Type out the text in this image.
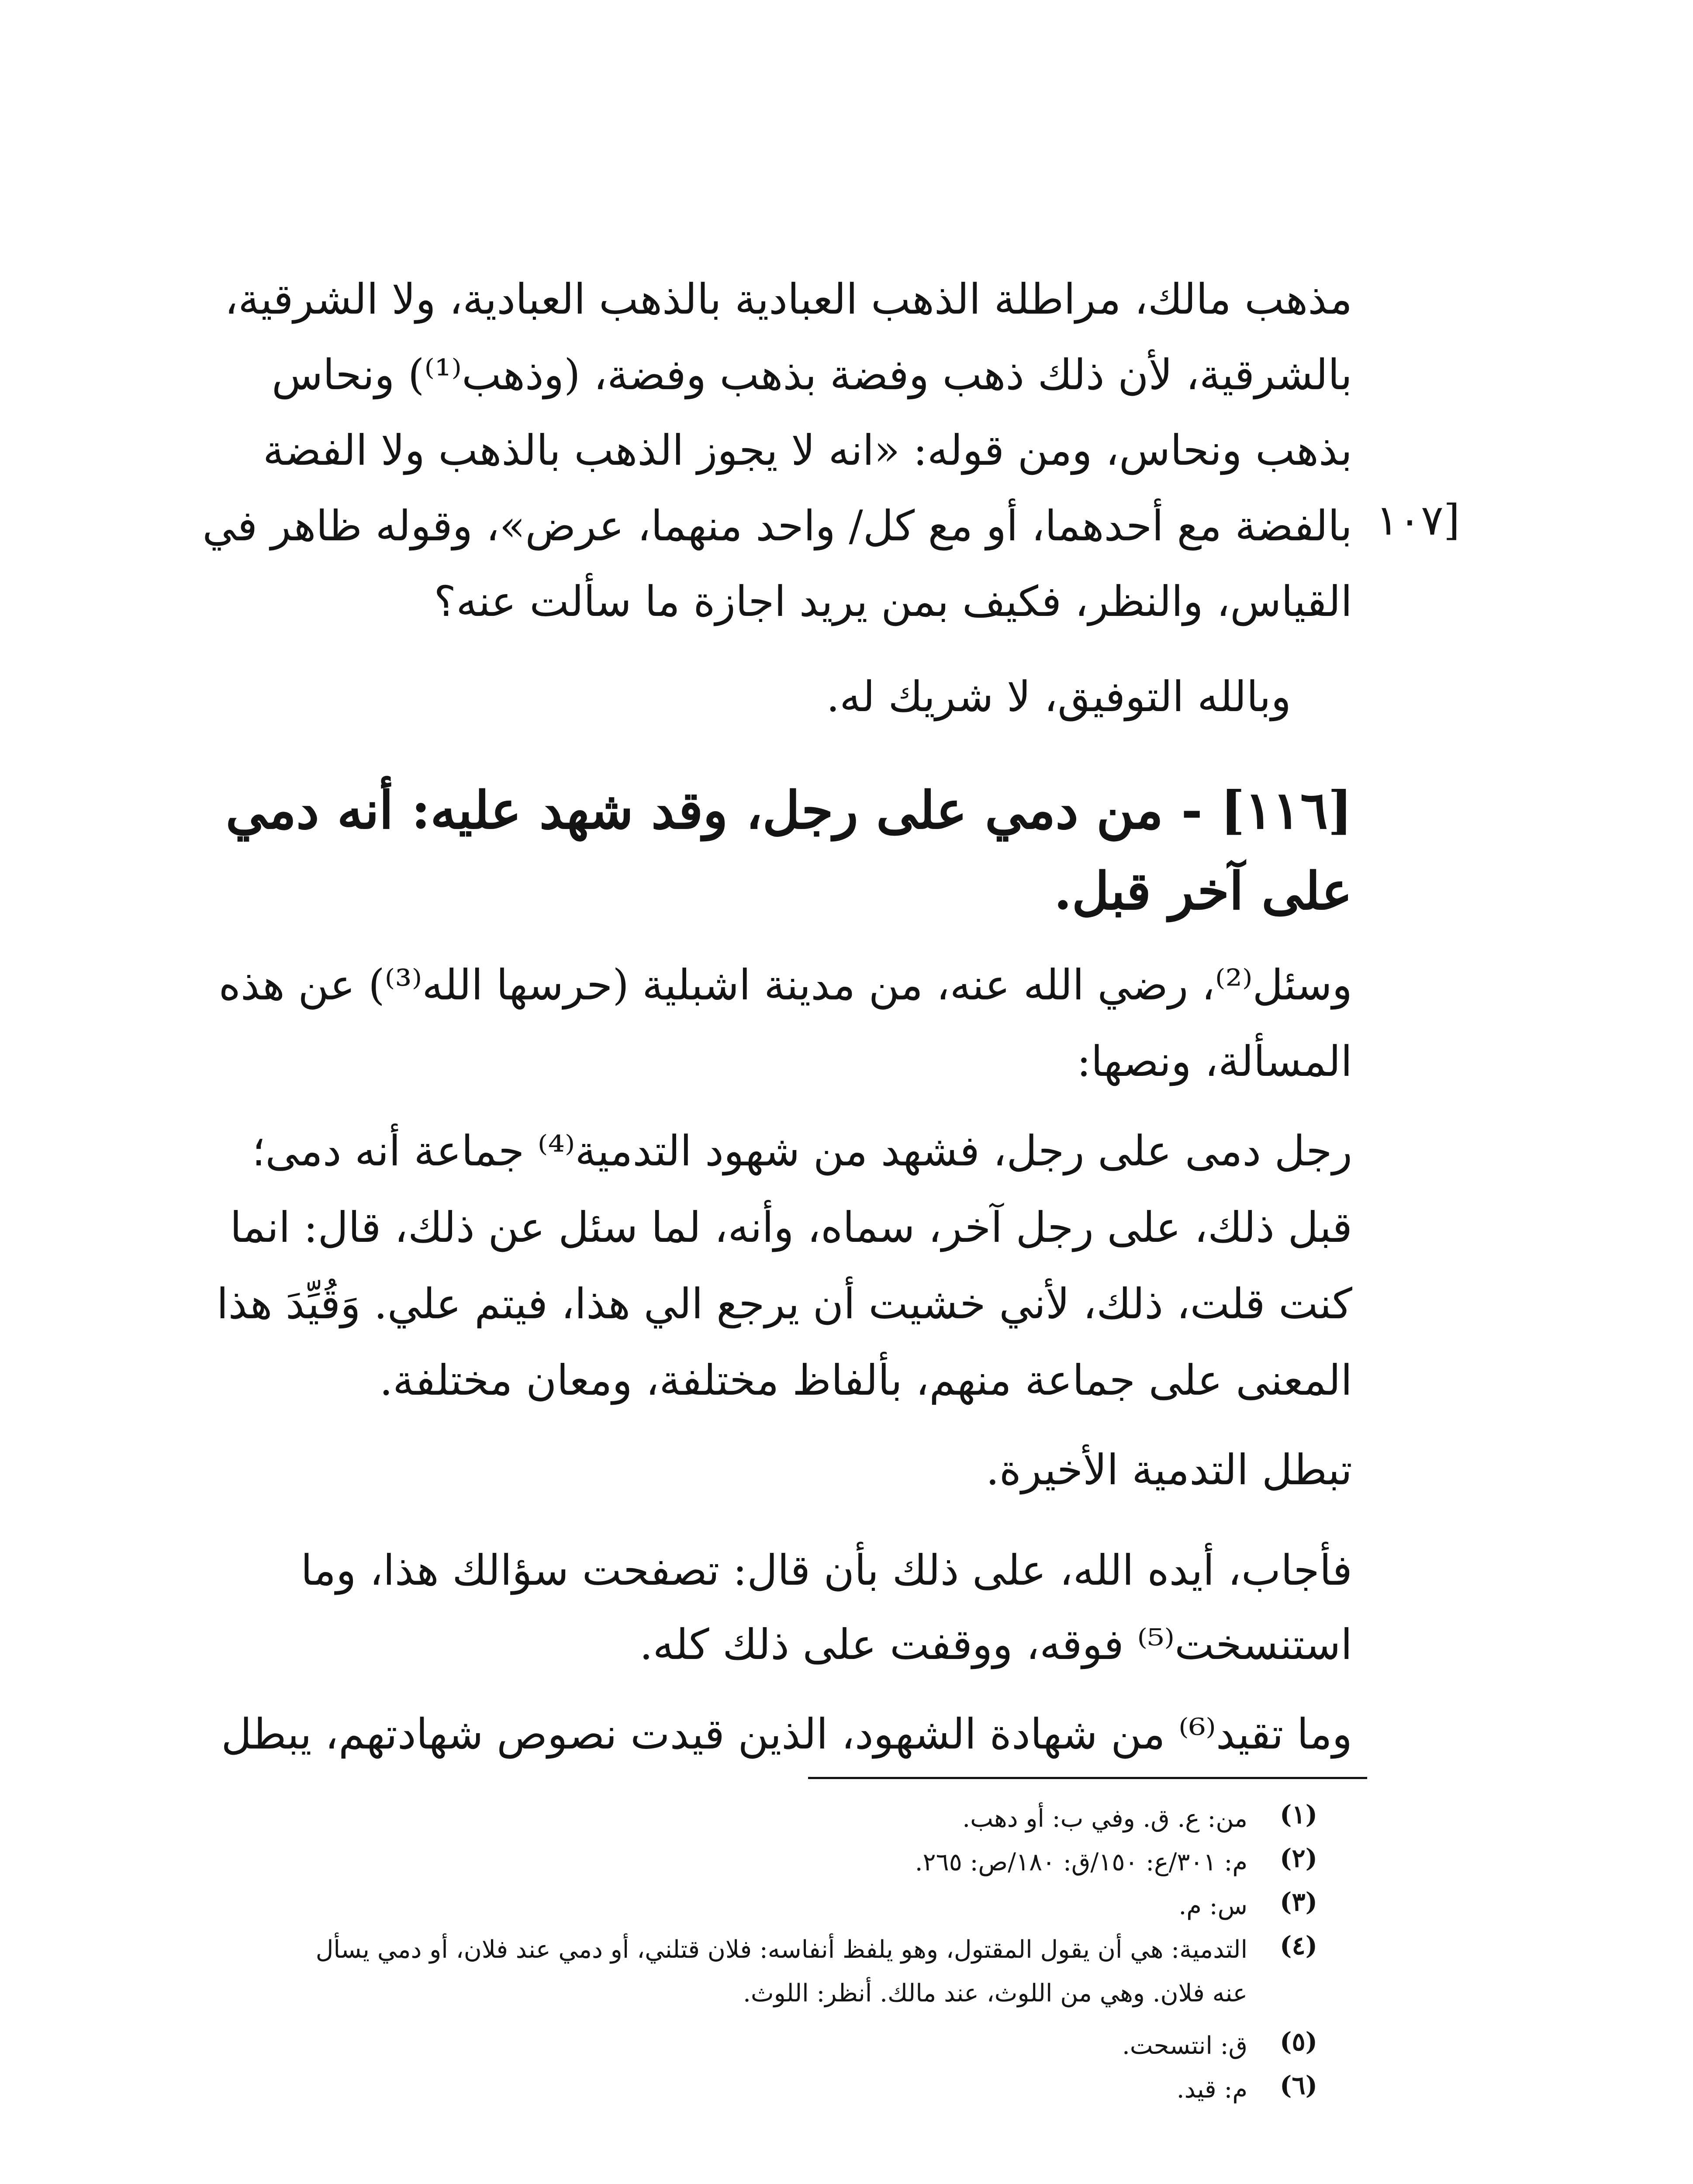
مذهب مالك، مراطلة الذهب العبادية بالذهب العبادية، ولا الشرقية،
بالشرقية، لأن ذلك ذهب وفضة بذهب وفضة، (وذهب⁽¹⁾) ونحاس
بذهب ونحاس، ومن قوله: «انه لا يجوز الذهب بالذهب ولا الفضة
بالفضة مع أحدهما، أو مع كل/ واحد منهما، عرض»، وقوله ظاهر في
القياس، والنظر، فكيف بمن يريد اجازة ما سألت عنه؟
[١٠٧
وبالله التوفيق، لا شريك له.
[١١٦] - من دمي على رجل، وقد شهد عليه: أنه دمي
على آخر قبل.
وسئل⁽²⁾، رضي الله عنه، من مدينة اشبلية (حرسها الله⁽³⁾) عن هذه
المسألة، ونصها:
رجل دمى على رجل، فشهد من شهود التدمية⁽⁴⁾ جماعة أنه دمى؛
قبل ذلك، على رجل آخر، سماه، وأنه، لما سئل عن ذلك، قال: انما
كنت قلت، ذلك، لأني خشيت أن يرجع الي هذا، فيتم علي. وَقُيِّدَ هذا
المعنى على جماعة منهم، بألفاظ مختلفة، ومعان مختلفة.
تبطل التدمية الأخيرة.
فأجاب، أيده الله، على ذلك بأن قال: تصفحت سؤالك هذا، وما
استنسخت⁽⁵⁾ فوقه، ووقفت على ذلك كله.
وما تقيد⁽⁶⁾ من شهادة الشهود، الذين قيدت نصوص شهادتهم، يبطل
(١)
من: ع. ق. وفي ب: أو دهب.
(٢)
م: ٣٠١/ع: ١٥٠/ق: ١٨٠/ص: ٢٦٥.
(٣)
س: م.
(٤)
التدمية: هي أن يقول المقتول، وهو يلفظ أنفاسه: فلان قتلني، أو دمي عند فلان، أو دمي يسأل
عنه فلان. وهي من اللوث، عند مالك. أنظر: اللوث.
(٥)
ق: انتسحت.
(٦)
م: قيد.
